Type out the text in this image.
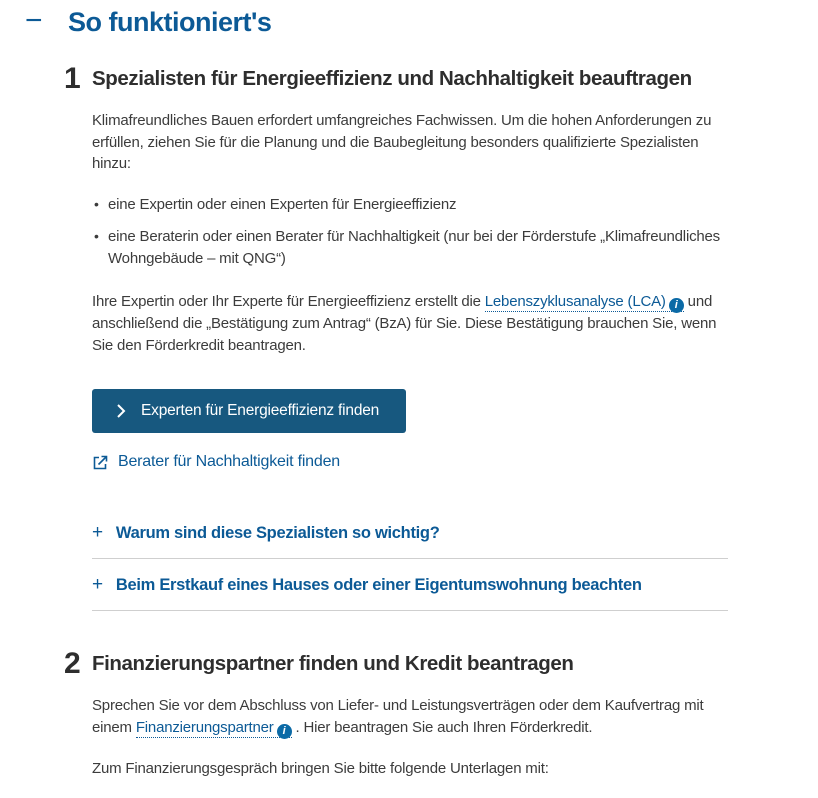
− So funktioniert's
1 Spezialisten für Energieeffizienz und Nachhaltigkeit beauftragen

Klimafreundliches Bauen erfordert umfangreiches Fachwissen. Um die hohen Anforderungen zu erfüllen, ziehen Sie für die Planung und die Baubegleitung besonders qualifizierte Spezialisten hinzu:

• eine Expertin oder einen Experten für Energieeffizienz
• eine Beraterin oder einen Berater für Nachhaltigkeit (nur bei der Förderstufe „Klimafreundliches Wohngebäude – mit QNG“)

Ihre Expertin oder Ihr Experte für Energieeffizienz erstellt die Lebenszyklusanalyse (LCA) i und anschließend die „Bestätigung zum Antrag“ (BzA) für Sie. Diese Bestätigung brauchen Sie, wenn Sie den Förderkredit beantragen.

Experten für Energieeffizienz finden

Berater für Nachhaltigkeit finden
+ Warum sind diese Spezialisten so wichtig?
+ Beim Erstkauf eines Hauses oder einer Eigentumswohnung beachten
2 Finanzierungspartner finden und Kredit beantragen

Sprechen Sie vor dem Abschluss von Liefer- und Leistungsverträgen oder dem Kaufvertrag mit einem Finanzierungspartner i . Hier beantragen Sie auch Ihren Förderkredit.

Zum Finanzierungsgespräch bringen Sie bitte folgende Unterlagen mit:
